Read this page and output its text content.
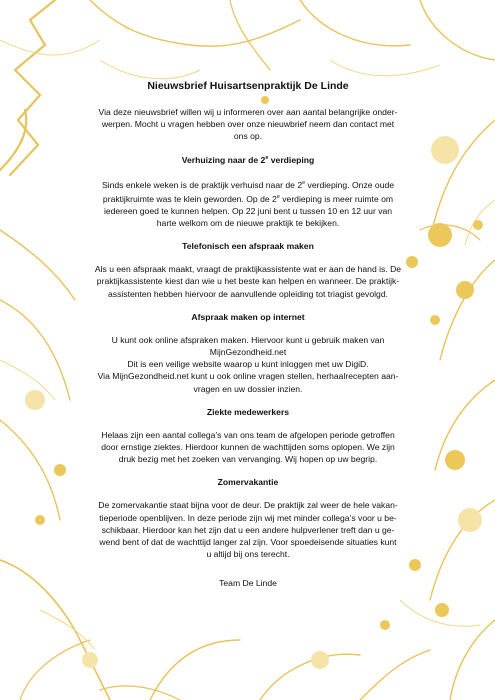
Nieuwsbrief Huisartsenpraktijk De Linde

Via deze nieuwsbrief willen wij u informeren over aan aantal belangrijke onder-
werpen. Mocht u vragen hebben over onze nieuwbrief neem dan contact met
ons op.

Verhuizing naar de 2e verdieping

Sinds enkele weken is de praktijk verhuisd naar de 2e verdieping. Onze oude
praktijkruimte was te klein geworden. Op de 2e verdieping is meer ruimte om
iedereen goed te kunnen helpen. Op 22 juni bent u tussen 10 en 12 uur van
harte welkom om de nieuwe praktijk te bekijken.

Telefonisch een afspraak maken

Als u een afspraak maakt, vraagt de praktijkassistente wat er aan de hand is. De
praktijkassistente kiest dan wie u het beste kan helpen en wanneer. De praktijk-
assistenten hebben hiervoor de aanvullende opleiding tot triagist gevolgd.

Afspraak maken op internet

U kunt ook online afspraken maken. Hiervoor kunt u gebruik maken van
MijnGezondheid.net
Dit is een veilige website waarop u kunt inloggen met uw DigiD.
Via MijnGezondheid.net kunt u ook online vragen stellen, herhaalrecepten aan-
vragen en uw dossier inzien.

Ziekte medewerkers

Helaas zijn een aantal collega’s van ons team de afgelopen periode getroffen
door ernstige ziektes. Hierdoor kunnen de wachttijden soms oplopen. We zijn
druk bezig met het zoeken van vervanging. Wij hopen op uw begrip.

Zomervakantie

De zomervakantie staat bijna voor de deur. De praktijk zal weer de hele vakan-
tieperiode openblijven. In deze periode zijn wij met minder collega’s voor u be-
schikbaar. Hierdoor kan het zijn dat u een andere hulpverlener treft dan u ge-
wend bent of dat de wachttijd langer zal zijn. Voor spoedeisende situaties kunt
u altijd bij ons terecht.

Team De Linde
